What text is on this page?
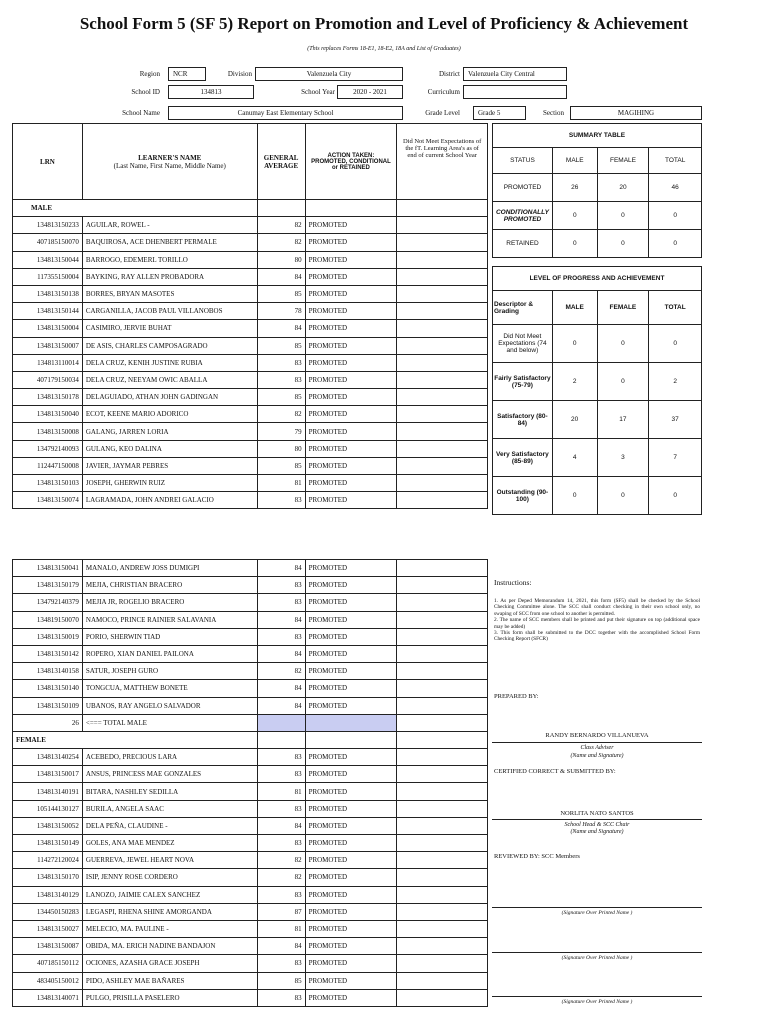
School Form 5 (SF 5) Report on Promotion and Level of Proficiency & Achievement
(This replaces Forms 18-E1, 18-E2, 18A and List of Graduates)
Region	NCR	Division	Valenzuela City	District	Valenzuela City Central
School ID	134813	School Year	2020 - 2021	Curriculum
School Name	Canumay East Elementary School	Grade Level	Grade 5	Section	MAGIHING
LRN	LEARNER'S NAME
(Last Name, First Name, Middle Name)	GENERAL AVERAGE	ACTION TAKEN: PROMOTED, CONDITIONAL or RETAINED	Did Not Meet Expectations of the fT. Learning Area's as of end of current School Year
MALE				
134813150233	AGUILAR, ROWEL -	82	PROMOTED	
407185150070	BAQUIROSA, ACE DHENBERT PERMALE	82	PROMOTED	
134813150044	BARROGO, EDEMERL TORILLO	80	PROMOTED	
117355150004	BAYKING, RAY ALLEN PROBADORA	84	PROMOTED	
134813150138	BORRES, BRYAN MASOTES	85	PROMOTED	
134813150144	CARGANILLA, JACOB PAUL VILLANOBOS	78	PROMOTED	
134813150004	CASIMIRO, JERVIE BUHAT	84	PROMOTED	
134813150007	DE ASIS, CHARLES CAMPOSAGRADO	85	PROMOTED	
134813110014	DELA CRUZ, KENIH JUSTINE RUBIA	83	PROMOTED	
407179150034	DELA CRUZ, NEEYAM OWIC ABALLA	83	PROMOTED	
134813150178	DELAGUIADO, ATHAN JOHN GADINGAN	85	PROMOTED	
134813150040	ECOT, KEENE MARIO ADORICO	82	PROMOTED	
134813150008	GALANG, JARREN LORIA	79	PROMOTED	
134792140093	GULANG, KEO DALINA	80	PROMOTED	
112447150008	JAVIER, JAYMAR PEBRES	85	PROMOTED	
134813150103	JOSEPH, GHERWIN RUIZ	81	PROMOTED	
134813150074	LAGRAMADA, JOHN ANDREI GALACIO	83	PROMOTED	
SUMMARY TABLE			
STATUS	MALE	FEMALE	TOTAL
PROMOTED	26	20	46
CONDITIONALLY PROMOTED	0	0	0
RETAINED	0	0	0
LEVEL OF PROGRESS AND ACHIEVEMENT			
Descriptor & Grading	MALE	FEMALE	TOTAL
Did Not Meet Expectations (74 and below)	0	0	0
Fairly Satisfactory (75-79)	2	0	2
Satisfactory (80-84)	20	17	37
Very Satisfactory (85-89)	4	3	7
Outstanding (90-100)	0	0	0
134813150041	MANALO, ANDREW JOSS DUMIGPI	84	PROMOTED	
134813150179	MEJIA, CHRISTIAN BRACERO	83	PROMOTED	
134792140379	MEJIA JR, ROGELIO BRACERO	83	PROMOTED	
134819150070	NAMOCO, PRINCE RAINIER SALAVANIA	84	PROMOTED	
134813150019	PORIO, SHERWIN TIAD	83	PROMOTED	
134813150142	ROPERO, XIAN DANIEL PAILONA	84	PROMOTED	
134813140158	SATUR, JOSEPH GURO	82	PROMOTED	
134813150140	TONGCUA, MATTHEW BONETE	84	PROMOTED	
134813150109	UBANOS, RAY ANGELO SALVADOR	84	PROMOTED	
26	<=== TOTAL MALE			
FEMALE				
134813140254	ACEBEDO, PRECIOUS LARA	83	PROMOTED	
134813150017	ANSUS, PRINCESS MAE GONZALES	83	PROMOTED	
134813140191	BITARA, NASHLEY SEDILLA	81	PROMOTED	
105144130127	BURILA, ANGELA SAAC	83	PROMOTED	
134813150052	DELA PEÑA, CLAUDINE -	84	PROMOTED	
134813150149	GOLES, ANA MAE MENDEZ	83	PROMOTED	
114272120024	GUERREVA, JEWEL HEART NOVA	82	PROMOTED	
134813150170	ISIP, JENNY ROSE CORDERO	82	PROMOTED	
134813140129	LANOZO, JAIMIE CALEX SANCHEZ	83	PROMOTED	
134450150283	LEGASPI, RHENA SHINE AMORGANDA	87	PROMOTED	
134813150027	MELECIO, MA. PAULINE -	81	PROMOTED	
134813150087	OBIDA, MA. ERICH NADINE BANDAJON	84	PROMOTED	
407185150112	OCIONES, AZASHA GRACE JOSEPH	83	PROMOTED	
483405150012	PIDO, ASHLEY MAE BAÑARES	85	PROMOTED	
134813140071	PULGO, PRISILLA PASELERO	83	PROMOTED	
Instructions:
1. As per Deped Memorandum 14, 2021, this form (SF5) shall be checked by the School Checking Committee alone. The SCC shall conduct checking in their own school only, no swaping of SCC from one school to another is permitted.
2. The name of SCC members shall be printed and put their signature on top (additional space may be added)
3. This form shall be submitted to the DCC together with the accomplished School Form Checking Report (SFCR)
PREPARED BY:
RANDY BERNARDO VILLANUEVA
Class Adviser
(Name and Signature)
CERTIFIED CORRECT & SUBMITTED BY:
NORLITA NATO SANTOS
School Head & SCC Chair
(Name and Signature)
REVIEWED BY: SCC Members
(Signature Over Printed Name )
(Signature Over Printed Name )
(Signature Over Printed Name )
